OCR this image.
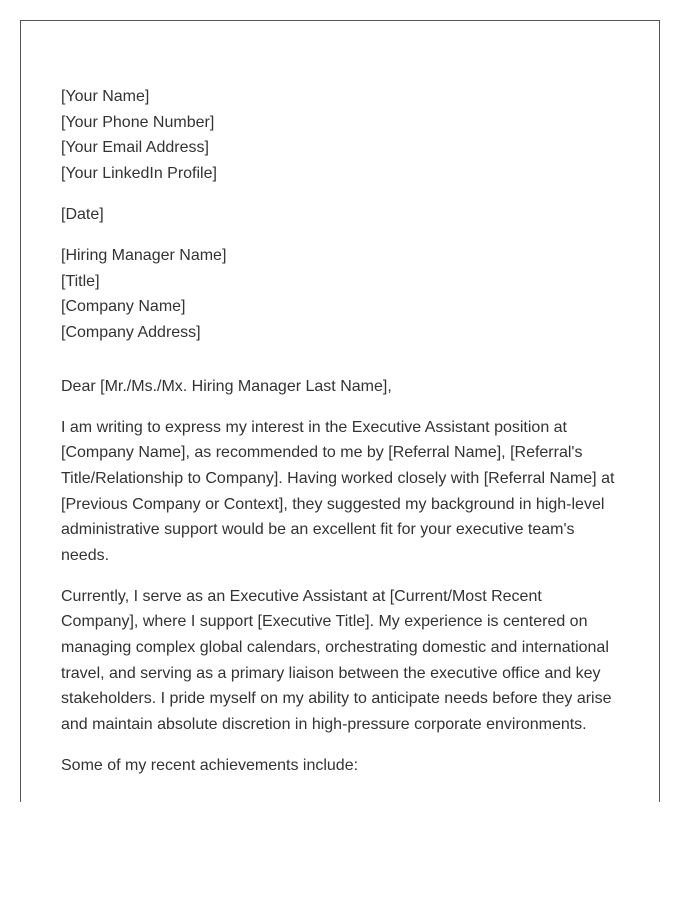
[Your Name]
[Your Phone Number]
[Your Email Address]
[Your LinkedIn Profile]
[Date]
[Hiring Manager Name]
[Title]
[Company Name]
[Company Address]
Dear [Mr./Ms./Mx. Hiring Manager Last Name],
I am writing to express my interest in the Executive Assistant position at
[Company Name], as recommended to me by [Referral Name], [Referral's
Title/Relationship to Company]. Having worked closely with [Referral Name] at
[Previous Company or Context], they suggested my background in high-level
administrative support would be an excellent fit for your executive team's
needs.
Currently, I serve as an Executive Assistant at [Current/Most Recent
Company], where I support [Executive Title]. My experience is centered on
managing complex global calendars, orchestrating domestic and international
travel, and serving as a primary liaison between the executive office and key
stakeholders. I pride myself on my ability to anticipate needs before they arise
and maintain absolute discretion in high-pressure corporate environments.
Some of my recent achievements include:
